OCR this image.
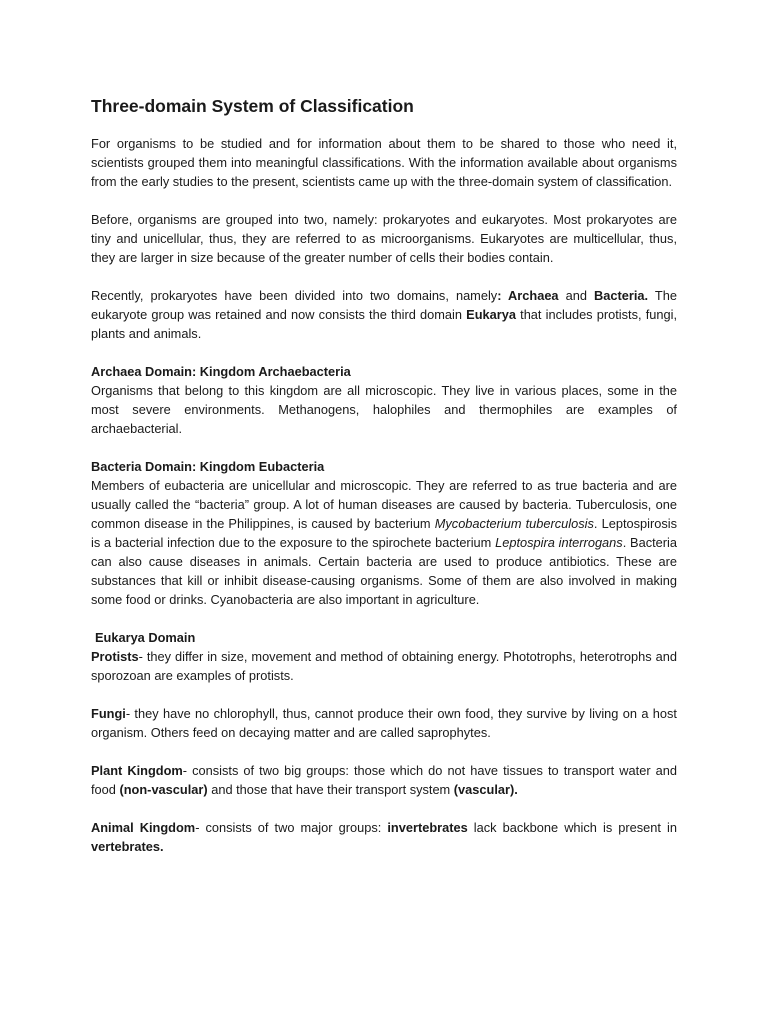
Three-domain System of Classification

For organisms to be studied and for information about them to be shared to those who need it, scientists grouped them into meaningful classifications. With the information available about organisms from the early studies to the present, scientists came up with the three-domain system of classification.

Before, organisms are grouped into two, namely: prokaryotes and eukaryotes. Most prokaryotes are tiny and unicellular, thus, they are referred to as microorganisms. Eukaryotes are multicellular, thus, they are larger in size because of the greater number of cells their bodies contain.

Recently, prokaryotes have been divided into two domains, namely: Archaea and Bacteria. The eukaryote group was retained and now consists the third domain Eukarya that includes protists, fungi, plants and animals.

Archaea Domain: Kingdom Archaebacteria
Organisms that belong to this kingdom are all microscopic. They live in various places, some in the most severe environments. Methanogens, halophiles and thermophiles are examples of archaebacterial.

Bacteria Domain: Kingdom Eubacteria
Members of eubacteria are unicellular and microscopic. They are referred to as true bacteria and are usually called the “bacteria” group. A lot of human diseases are caused by bacteria. Tuberculosis, one common disease in the Philippines, is caused by bacterium Mycobacterium tuberculosis. Leptospirosis is a bacterial infection due to the exposure to the spirochete bacterium Leptospira interrogans. Bacteria can also cause diseases in animals. Certain bacteria are used to produce antibiotics. These are substances that kill or inhibit disease-causing organisms. Some of them are also involved in making some food or drinks. Cyanobacteria are also important in agriculture.

Eukarya Domain
Protists- they differ in size, movement and method of obtaining energy. Phototrophs, heterotrophs and sporozoan are examples of protists.

Fungi- they have no chlorophyll, thus, cannot produce their own food, they survive by living on a host organism. Others feed on decaying matter and are called saprophytes.

Plant Kingdom- consists of two big groups: those which do not have tissues to transport water and food (non-vascular) and those that have their transport system (vascular).

Animal Kingdom- consists of two major groups: invertebrates lack backbone which is present in vertebrates.
